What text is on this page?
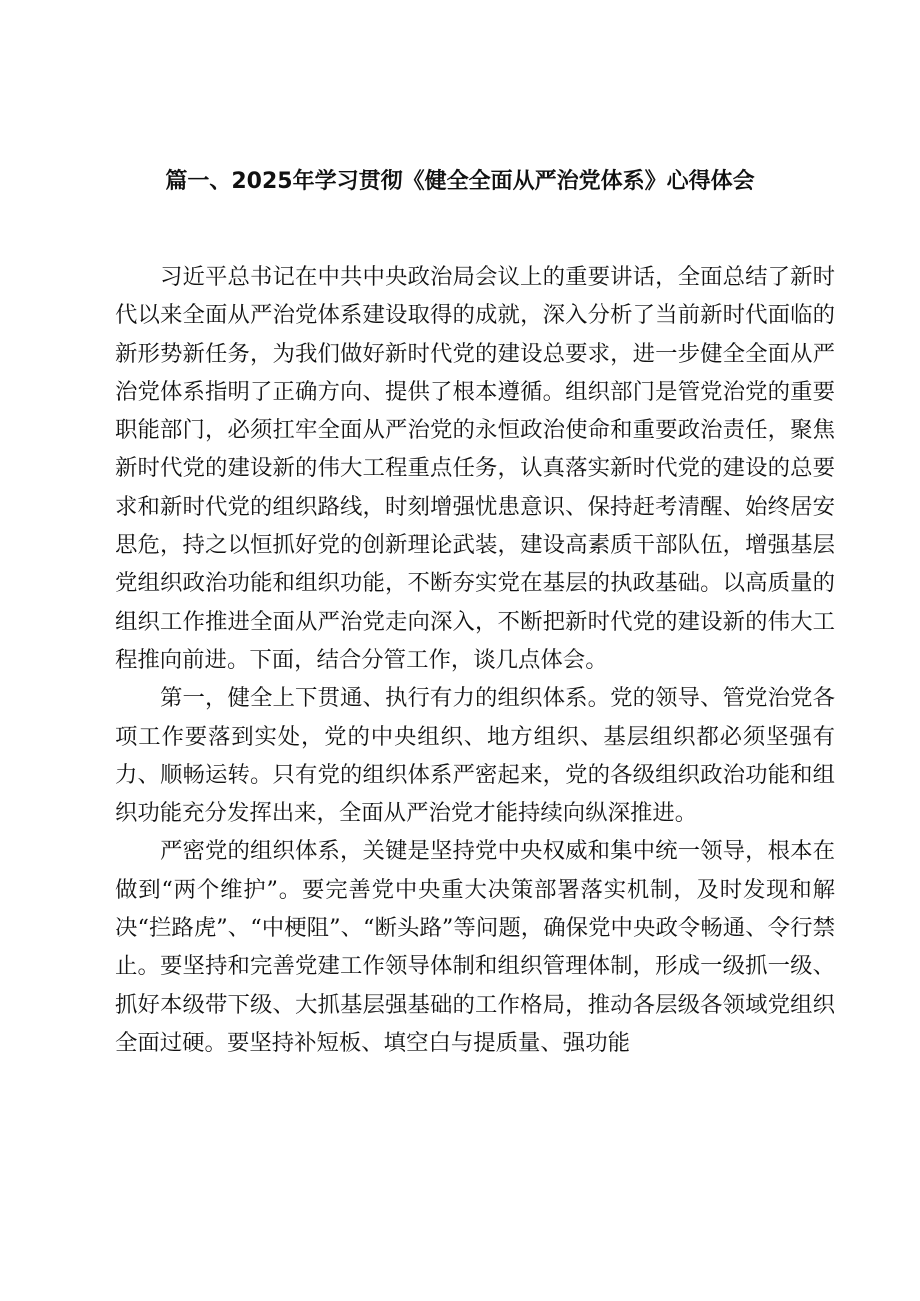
篇一、2025年学习贯彻《健全全面从严治党体系》心得体会

习近平总书记在中共中央政治局会议上的重要讲话，全面总结了新时代以来全面从严治党体系建设取得的成就，深入分析了当前新时代面临的新形势新任务，为我们做好新时代党的建设总要求，进一步健全全面从严治党体系指明了正确方向、提供了根本遵循。组织部门是管党治党的重要职能部门，必须扛牢全面从严治党的永恒政治使命和重要政治责任，聚焦新时代党的建设新的伟大工程重点任务，认真落实新时代党的建设的总要求和新时代党的组织路线，时刻增强忧患意识、保持赶考清醒、始终居安思危，持之以恒抓好党的创新理论武装，建设高素质干部队伍，增强基层党组织政治功能和组织功能，不断夯实党在基层的执政基础。以高质量的组织工作推进全面从严治党走向深入，不断把新时代党的建设新的伟大工程推向前进。下面，结合分管工作，谈几点体会。

第一，健全上下贯通、执行有力的组织体系。党的领导、管党治党各项工作要落到实处，党的中央组织、地方组织、基层组织都必须坚强有力、顺畅运转。只有党的组织体系严密起来，党的各级组织政治功能和组织功能充分发挥出来，全面从严治党才能持续向纵深推进。

严密党的组织体系，关键是坚持党中央权威和集中统一领导，根本在做到“两个维护”。要完善党中央重大决策部署落实机制，及时发现和解决“拦路虎”、“中梗阻”、“断头路”等问题，确保党中央政令畅通、令行禁止。要坚持和完善党建工作领导体制和组织管理体制，形成一级抓一级、抓好本级带下级、大抓基层强基础的工作格局，推动各层级各领域党组织全面过硬。要坚持补短板、填空白与提质量、强功能
